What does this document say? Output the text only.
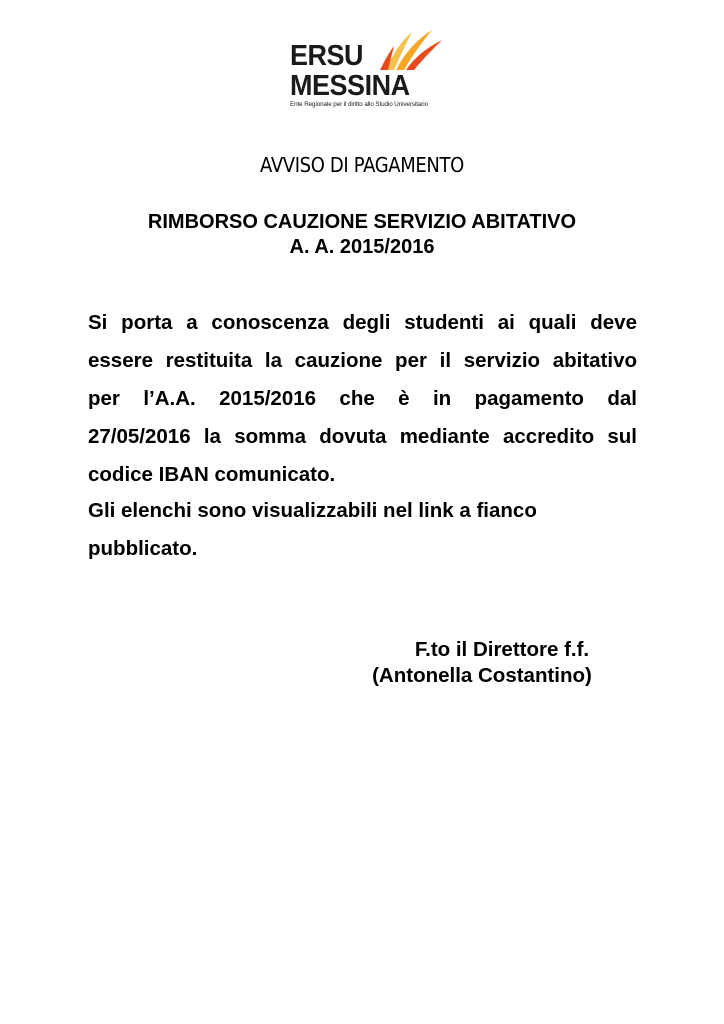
ERSU
MESSINA
Ente Regionale per il diritto allo Studio Universitario
AVVISO DI PAGAMENTO
RIMBORSO CAUZIONE SERVIZIO ABITATIVO
A. A. 2015/2016
Si porta a conoscenza degli studenti ai quali deve
essere restituita la cauzione per il servizio abitativo
per l’A.A. 2015/2016 che è in pagamento dal
27/05/2016 la somma dovuta mediante accredito sul
codice IBAN comunicato.
Gli elenchi sono visualizzabili nel link a fianco
pubblicato.
F.to il Direttore f.f.
(Antonella Costantino)
